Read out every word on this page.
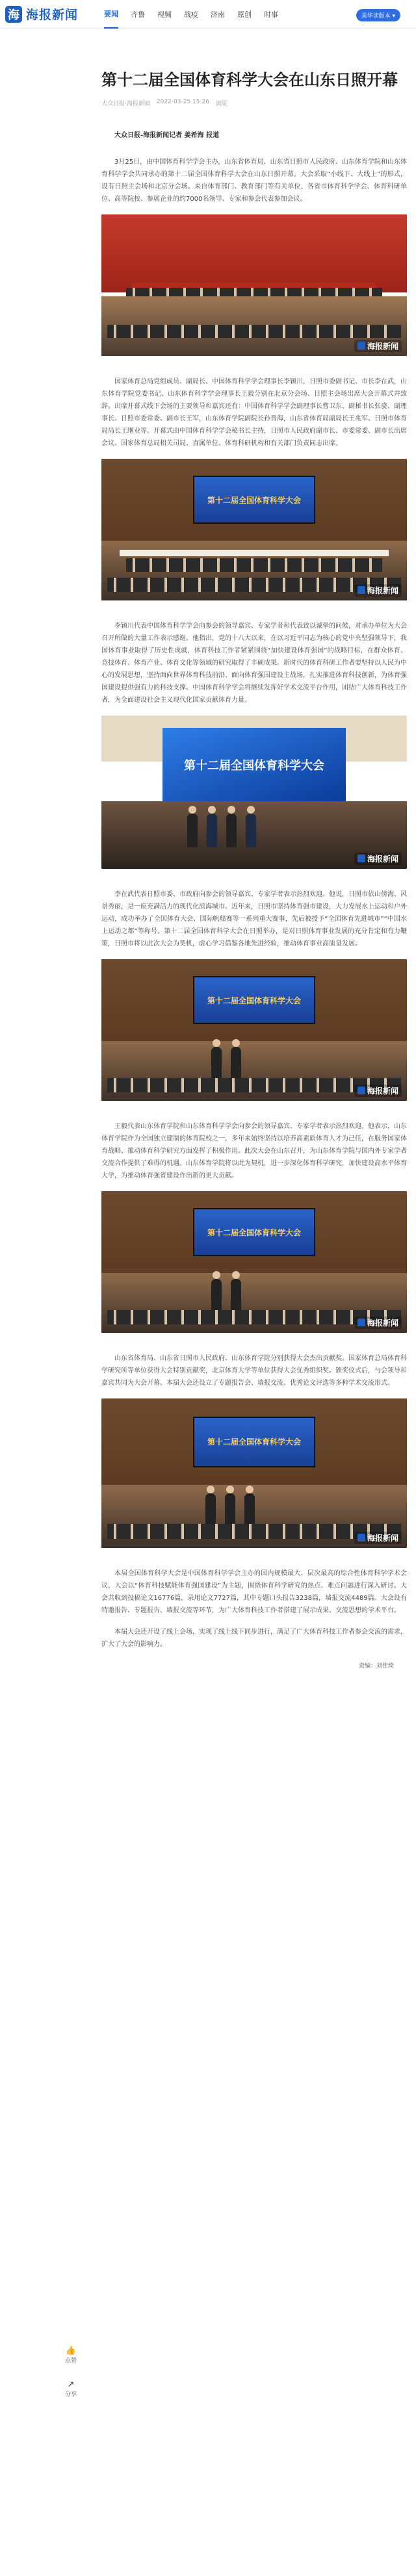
海 海报新闻	要闻 齐鲁 视频 战疫 济南 原创 时事	美华读版本 ▾
第十二届全国体育科学大会在山东日照开幕
大众日报·海报新闻 2022-03-25 15:26 浏览
大众日报-海报新闻记者 姜希海 报道

3月25日，由中国体育科学学会主办，山东省体育局、山东省日照市人民政府、山东体育学院和山东体育科学学会共同承办的第十二届全国体育科学大会在山东日照开幕。大会采取“小线下、大线上”的形式，设有日照主会场和北京分会场。来自体育部门、教育部门等有关单位，各省市体育科学学会、体育科研单位、高等院校、参展企业的约7000名领导、专家和参会代表参加会议。

海报新闻

国家体育总局党组成员、副局长、中国体育科学学会理事长李颖川，日照市委副书记、市长李在武，山东体育学院党委书记、山东体育科学学会理事长王毅分别在北京分会场、日照主会场出席大会开幕式并致辞。出席开幕式线下会场的主要领导和嘉宾还有：中国体育科学学会副理事长曹卫东、副秘书长张骁、副理事长、日照市委常委、副市长王军，山东体育学院副院长孙晋海，山东省体育局副局长王兆军、日照市体育局局长王继业等。开幕式由中国体育科学学会秘书长主持，日照市人民政府副市长、市委常委、副市长出席会议。国家体育总局相关司局、直属单位、体育科研机构和有关部门负责同志出席。

第十二届全国体育科学大会
海报新闻

李颖川代表中国体育科学学会向参会的领导嘉宾、专家学者和代表致以诚挚的问候，对承办单位为大会召开所做的大量工作表示感谢。他指出，党的十八大以来，在以习近平同志为核心的党中央坚强领导下，我国体育事业取得了历史性成就，体育科技工作者紧紧围绕“加快建设体育强国”的战略目标，在群众体育、竞技体育、体育产业、体育文化等领域的研究取得了丰硕成果。新时代的体育科研工作者要坚持以人民为中心的发展思想，坚持面向世界体育科技前沿、面向体育强国建设主战场，扎实推进体育科技创新，为体育强国建设提供强有力的科技支撑。中国体育科学学会将继续发挥好学术交流平台作用，团结广大体育科技工作者，为全面建设社会主义现代化国家贡献体育力量。

第十二届全国体育科学大会
海报新闻

李在武代表日照市委、市政府向参会的领导嘉宾、专家学者表示热烈欢迎。他说，日照市依山傍海、风景秀丽，是一座充满活力的现代化滨海城市。近年来，日照市坚持体育强市建设，大力发展水上运动和户外运动，成功举办了全国体育大会、国际帆船赛等一系列重大赛事，先后被授予“全国体育先进城市”“中国水上运动之都”等称号。第十二届全国体育科学大会在日照举办，是对日照体育事业发展的充分肯定和有力鞭策，日照市将以此次大会为契机，虚心学习借鉴各地先进经验，推动体育事业高质量发展。

第十二届全国体育科学大会
海报新闻

王毅代表山东体育学院和山东体育科学学会向参会的领导嘉宾、专家学者表示热烈欢迎。他表示，山东体育学院作为全国独立建制的体育院校之一，多年来始终坚持以培养高素质体育人才为己任，在服务国家体育战略、推动体育科学研究方面发挥了积极作用。此次大会在山东召开，为山东体育学院与国内外专家学者交流合作提供了难得的机遇。山东体育学院将以此为契机，进一步深化体育科学研究，加快建设高水平体育大学，为推动体育强省建设作出新的更大贡献。

第十二届全国体育科学大会
海报新闻

山东省体育局、山东省日照市人民政府、山东体育学院分别获得大会杰出贡献奖。国家体育总局体育科学研究所等单位获得大会特别贡献奖，北京体育大学等单位获得大会优秀组织奖。颁奖仪式后，与会领导和嘉宾共同为大会开幕。本届大会还设立了专题报告会、墙报交流、优秀论文评选等多种学术交流形式。

第十二届全国体育科学大会
海报新闻

本届全国体育科学大会是中国体育科学学会主办的国内规模最大、层次最高的综合性体育科学学术会议，大会以“体育科技赋能体育强国建设”为主题，围绕体育科学研究的热点、难点问题进行深入研讨。大会共收到投稿论文16776篇，录用论文7727篇，其中专题口头报告3238篇，墙报交流4489篇。大会设有特邀报告、专题报告、墙报交流等环节，为广大体育科技工作者搭建了展示成果、交流思想的学术平台。

本届大会还开设了线上会场，实现了线上线下同步进行，满足了广大体育科技工作者参会交流的需求，扩大了大会的影响力。

责编：刘佳琦
👍
点赞
↗
分享
